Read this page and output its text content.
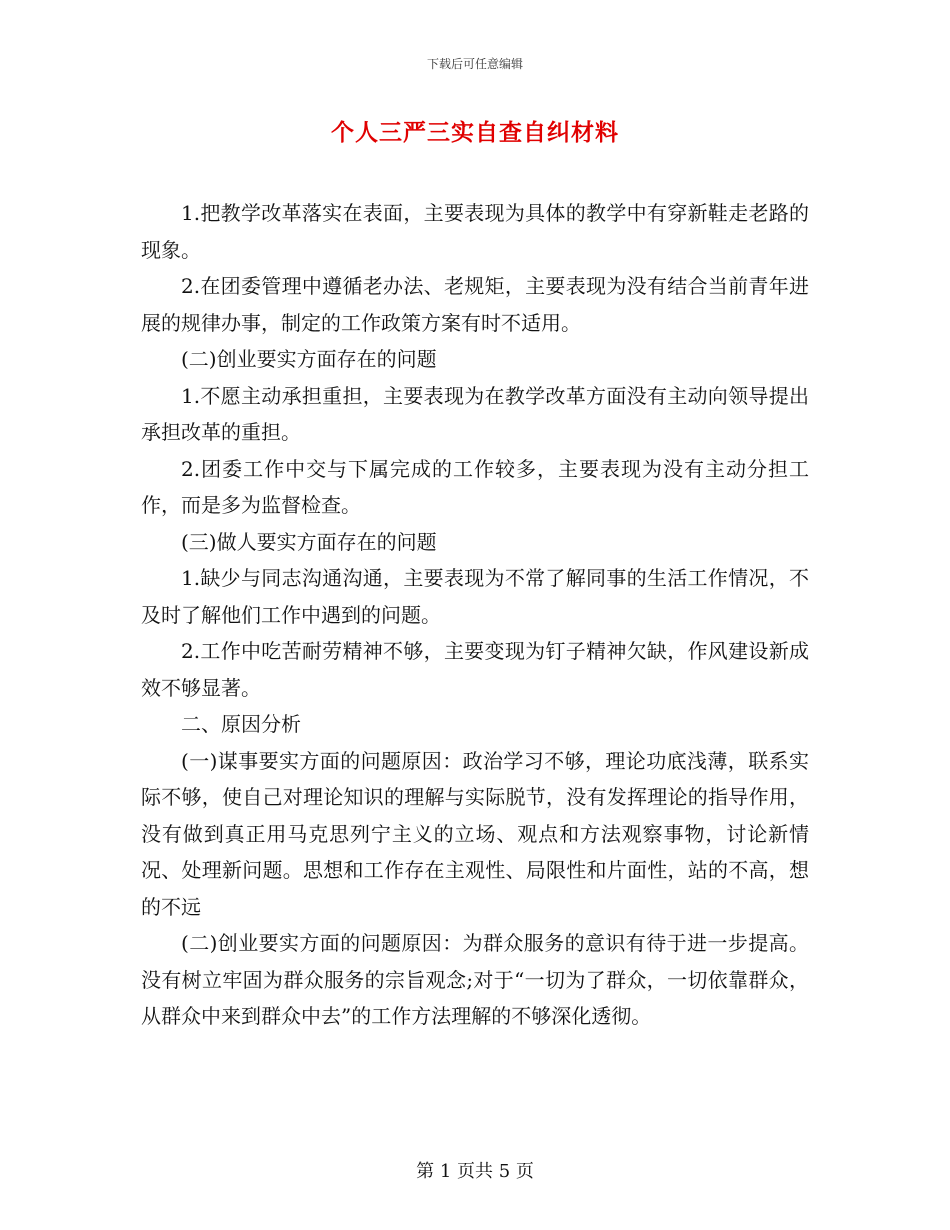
下载后可任意编辑
个人三严三实自查自纠材料

1.把教学改革落实在表面，主要表现为具体的教学中有穿新鞋走老路的现象。

2.在团委管理中遵循老办法、老规矩，主要表现为没有结合当前青年进展的规律办事，制定的工作政策方案有时不适用。

(二)创业要实方面存在的问题

1.不愿主动承担重担，主要表现为在教学改革方面没有主动向领导提出承担改革的重担。

2.团委工作中交与下属完成的工作较多，主要表现为没有主动分担工作，而是多为监督检查。

(三)做人要实方面存在的问题

1.缺少与同志沟通沟通，主要表现为不常了解同事的生活工作情况，不及时了解他们工作中遇到的问题。

2.工作中吃苦耐劳精神不够，主要变现为钉子精神欠缺，作风建设新成效不够显著。

二、原因分析

(一)谋事要实方面的问题原因：政治学习不够，理论功底浅薄，联系实际不够，使自己对理论知识的理解与实际脱节，没有发挥理论的指导作用，没有做到真正用马克思列宁主义的立场、观点和方法观察事物，讨论新情况、处理新问题。思想和工作存在主观性、局限性和片面性，站的不高，想的不远

(二)创业要实方面的问题原因：为群众服务的意识有待于进一步提高。没有树立牢固为群众服务的宗旨观念;对于“一切为了群众，一切依靠群众，从群众中来到群众中去”的工作方法理解的不够深化透彻。

第 1 页共 5 页
